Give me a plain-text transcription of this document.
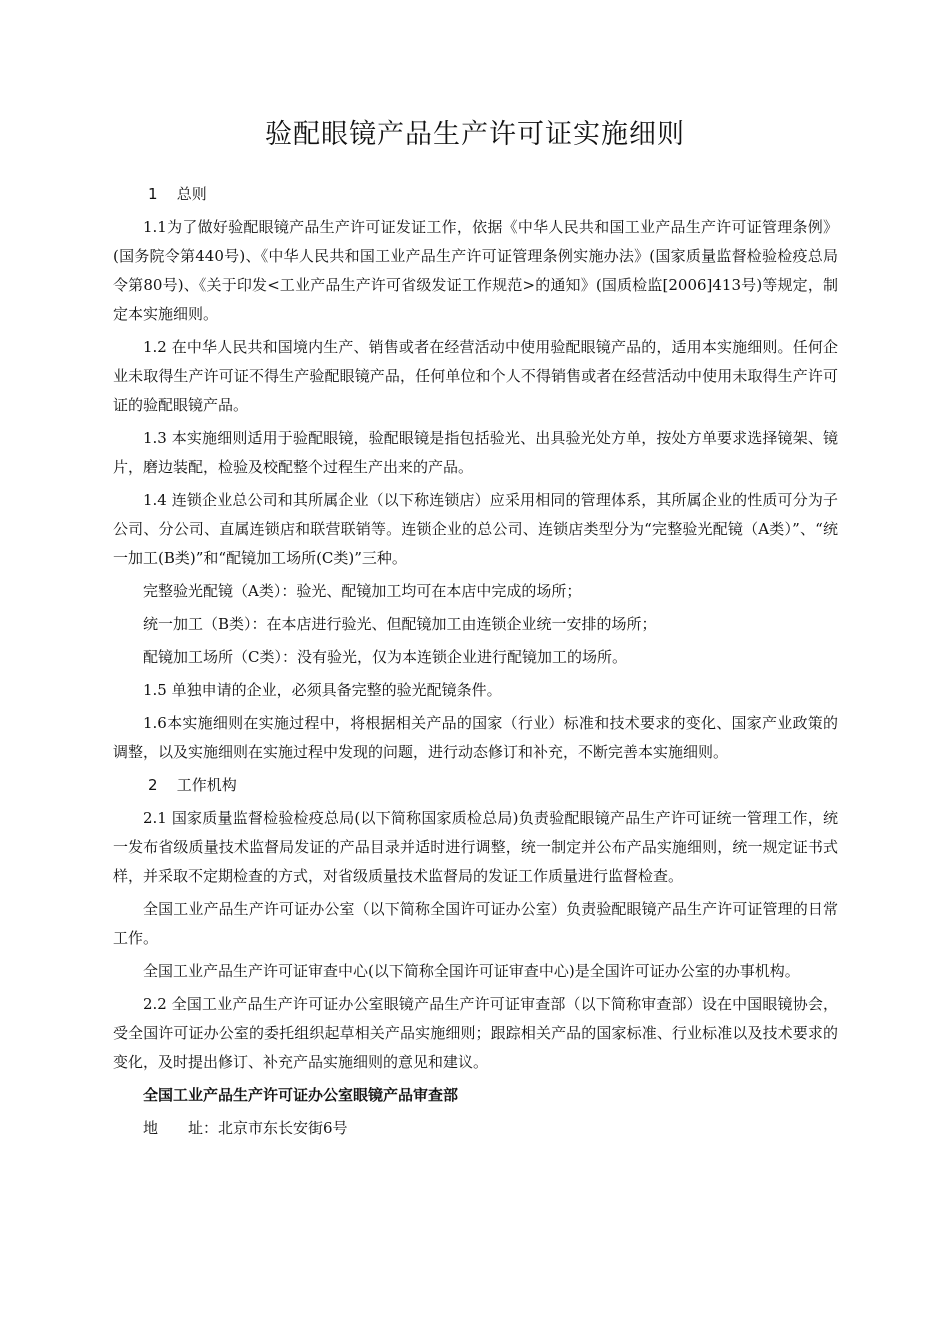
验配眼镜产品生产许可证实施细则
1 总则

1.1为了做好验配眼镜产品生产许可证发证工作，依据《中华人民共和国工业产品生产许可证管理条例》(国务院令第440号)、《中华人民共和国工业产品生产许可证管理条例实施办法》(国家质量监督检验检疫总局令第80号)、《关于印发<工业产品生产许可省级发证工作规范>的通知》(国质检监[2006]413号)等规定，制定本实施细则。

1.2 在中华人民共和国境内生产、销售或者在经营活动中使用验配眼镜产品的，适用本实施细则。任何企业未取得生产许可证不得生产验配眼镜产品，任何单位和个人不得销售或者在经营活动中使用未取得生产许可证的验配眼镜产品。

1.3 本实施细则适用于验配眼镜，验配眼镜是指包括验光、出具验光处方单，按处方单要求选择镜架、镜片，磨边装配，检验及校配整个过程生产出来的产品。

1.4 连锁企业总公司和其所属企业（以下称连锁店）应采用相同的管理体系，其所属企业的性质可分为子公司、分公司、直属连锁店和联营联销等。连锁企业的总公司、连锁店类型分为“完整验光配镜（A类）”、“统一加工(B类)”和“配镜加工场所(C类)”三种。

完整验光配镜（A类）：验光、配镜加工均可在本店中完成的场所；

统一加工（B类）：在本店进行验光、但配镜加工由连锁企业统一安排的场所；

配镜加工场所（C类）：没有验光，仅为本连锁企业进行配镜加工的场所。

1.5 单独申请的企业，必须具备完整的验光配镜条件。

1.6本实施细则在实施过程中，将根据相关产品的国家（行业）标准和技术要求的变化、国家产业政策的调整，以及实施细则在实施过程中发现的问题，进行动态修订和补充，不断完善本实施细则。

2 工作机构

2.1 国家质量监督检验检疫总局(以下简称国家质检总局)负责验配眼镜产品生产许可证统一管理工作，统一发布省级质量技术监督局发证的产品目录并适时进行调整，统一制定并公布产品实施细则，统一规定证书式样，并采取不定期检查的方式，对省级质量技术监督局的发证工作质量进行监督检查。

全国工业产品生产许可证办公室（以下简称全国许可证办公室）负责验配眼镜产品生产许可证管理的日常工作。

全国工业产品生产许可证审查中心(以下简称全国许可证审查中心)是全国许可证办公室的办事机构。

2.2 全国工业产品生产许可证办公室眼镜产品生产许可证审查部（以下简称审查部）设在中国眼镜协会，受全国许可证办公室的委托组织起草相关产品实施细则；跟踪相关产品的国家标准、行业标准以及技术要求的变化，及时提出修订、补充产品实施细则的意见和建议。

全国工业产品生产许可证办公室眼镜产品审查部

地　　址：北京市东长安街6号
